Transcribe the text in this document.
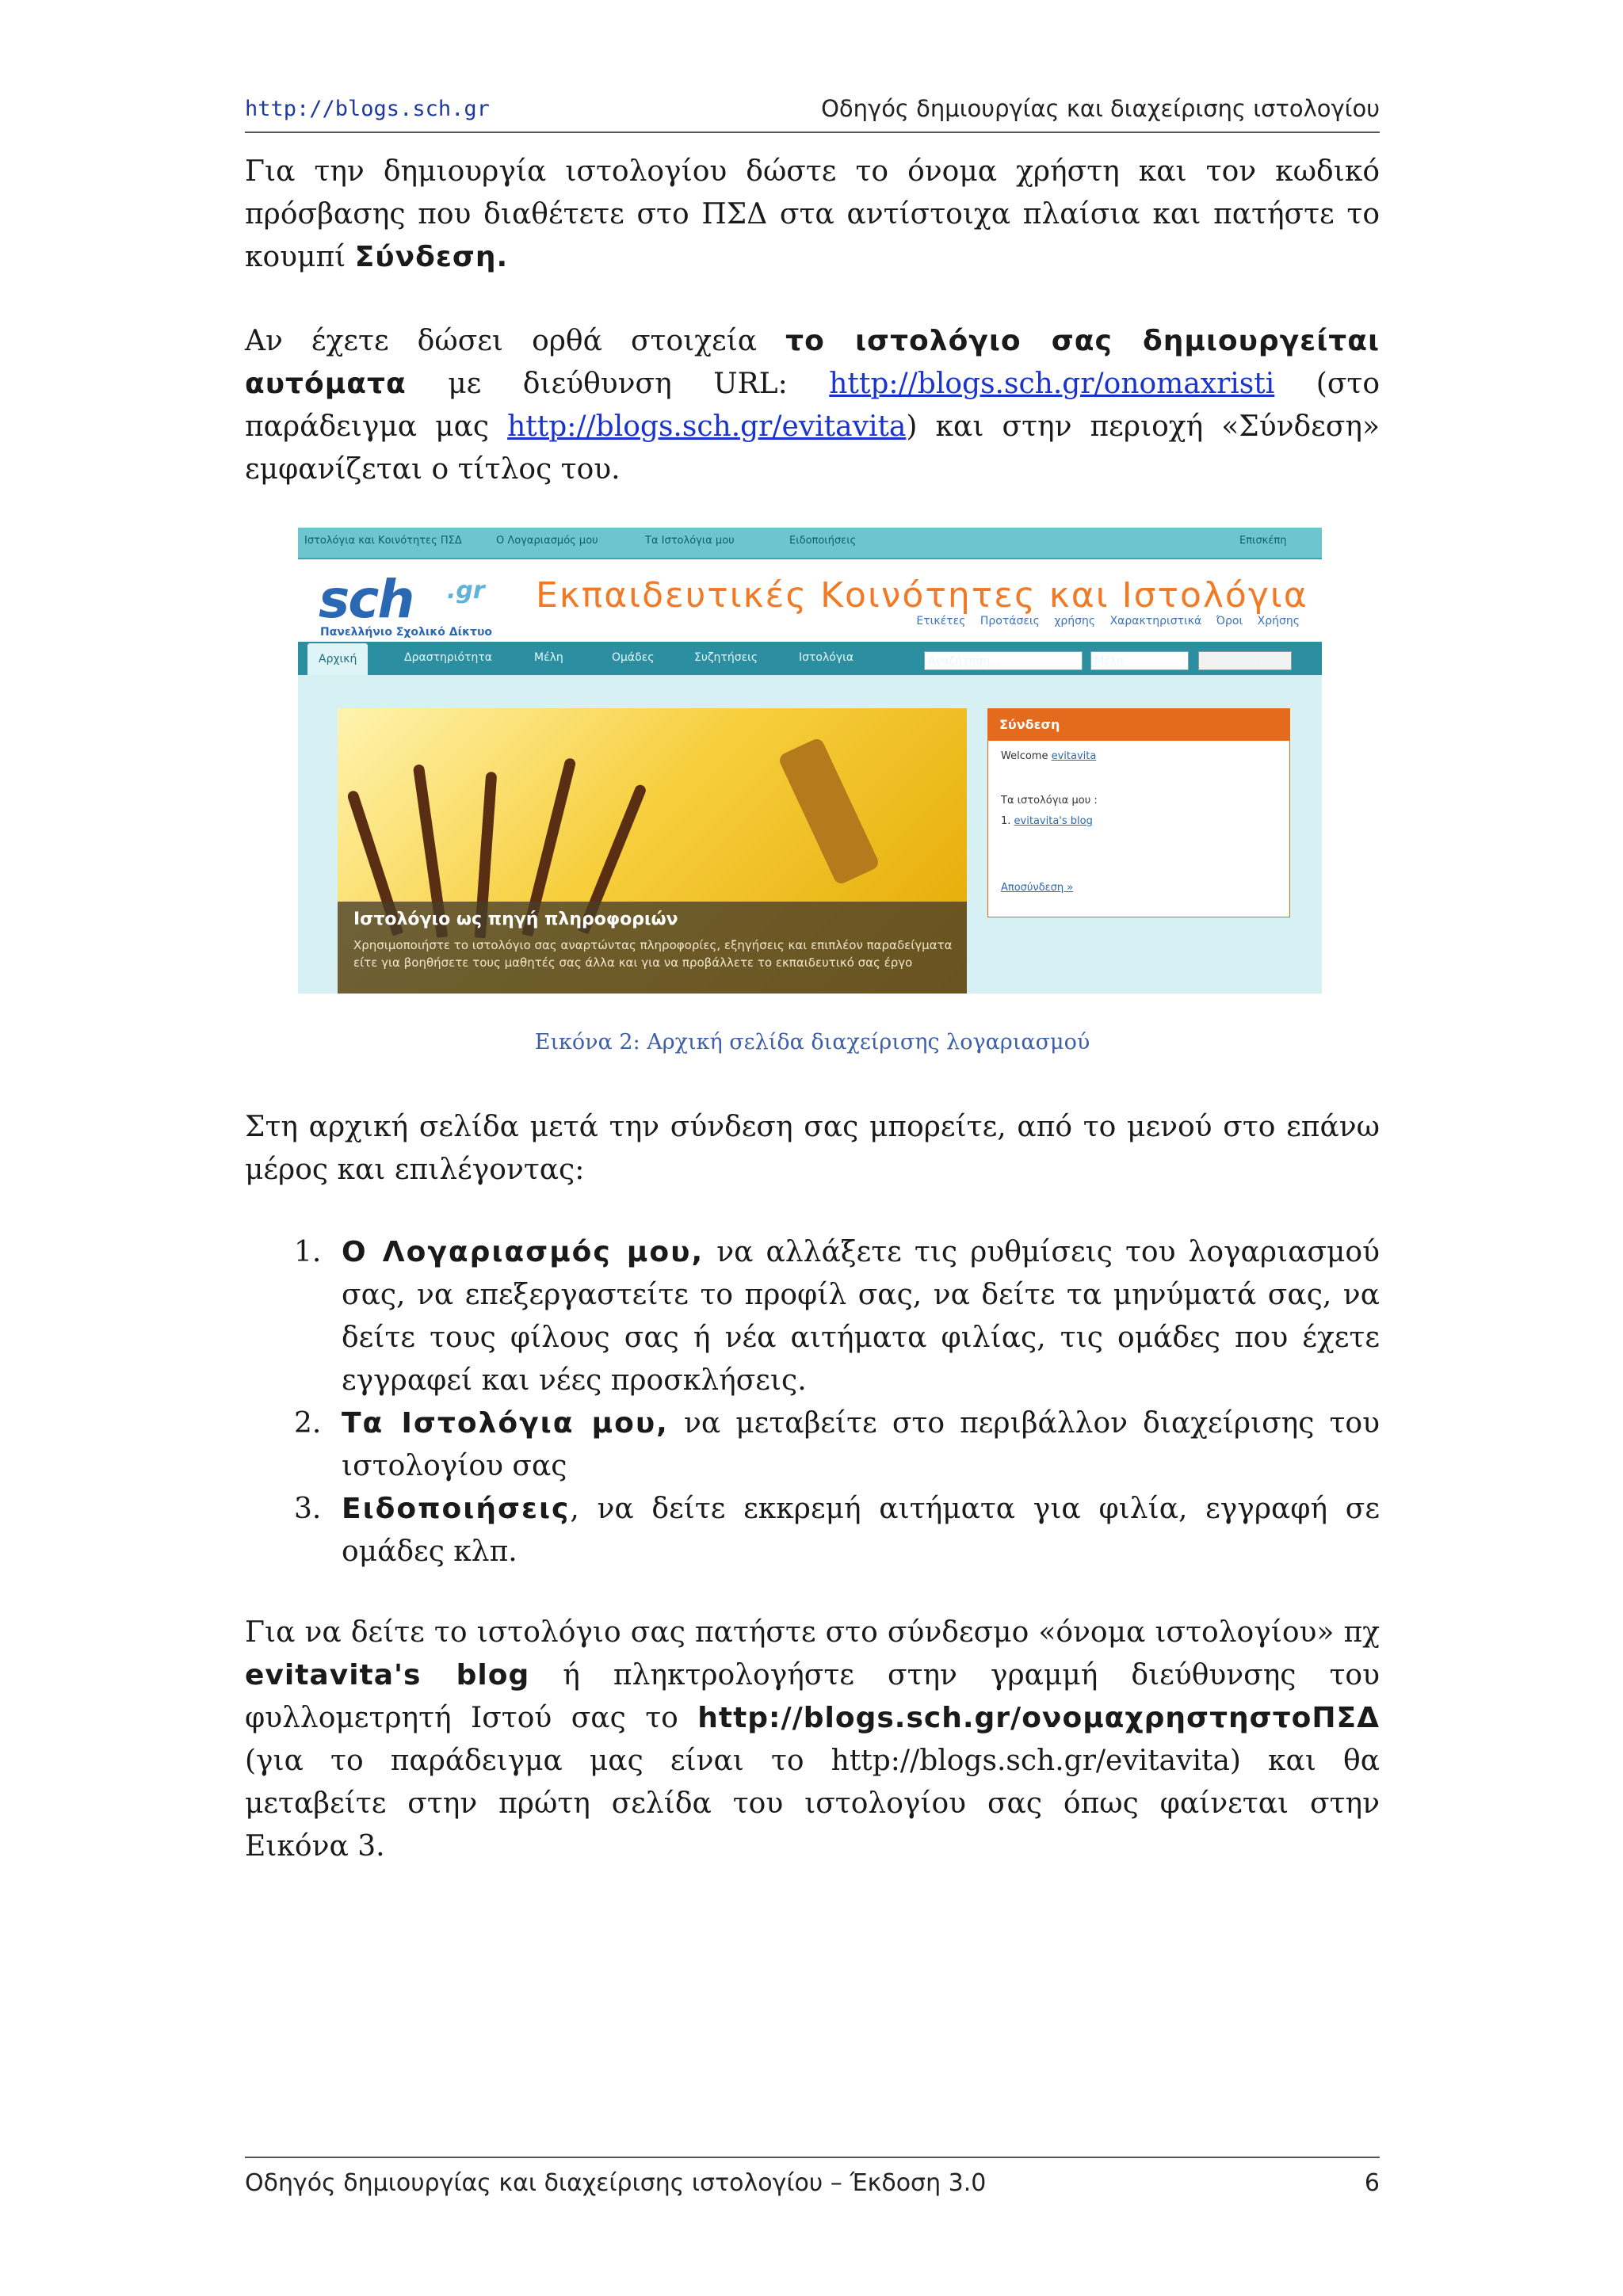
http://blogs.sch.gr	Οδηγός δημιουργίας και διαχείρισης ιστολογίου

Για την δημιουργία ιστολογίου δώστε το όνομα χρήστη και τον κωδικό πρόσβασης που διαθέτετε στο ΠΣΔ στα αντίστοιχα πλαίσια και πατήστε το κουμπί Σύνδεση.

Αν έχετε δώσει ορθά στοιχεία το ιστολόγιο σας δημιουργείται αυτόματα με διεύθυνση URL: http://blogs.sch.gr/onomaxristi (στο παράδειγμα μας http://blogs.sch.gr/evitavita) και στην περιοχή «Σύνδεση» εμφανίζεται ο τίτλος του.

Ιστολόγια και Κοινότητες ΠΣΔ	Ο Λογαριασμός μου	Τα Ιστολόγια μου	Ειδοποιήσεις	Επισκέπη
sch .gr
Πανελλήνιο Σχολικό Δίκτυο
Εκπαιδευτικές Κοινότητες και Ιστολόγια
Ετικέτες Προτάσεις χρήσης Χαρακτηριστικά Όροι Χρήσης
Αρχική	Δραστηριότητα	Μέλη	Ομάδες	Συζητήσεις	Ιστολόγια	Αναζήτηση...	Μέλη	Αναζήτηση
Ιστολόγιο ως πηγή πληροφοριών
Χρησιμοποιήστε το ιστολόγιο σας αναρτώντας πληροφορίες, εξηγήσεις και επιπλέον παραδείγματα είτε για βοηθήσετε τους μαθητές σας άλλα και για να προβάλλετε το εκπαιδευτικό σας έργο
Σύνδεση
Welcome evitavita
Τα ιστολόγια μου :
1. evitavita's blog
Αποσύνδεση »
Εικόνα 2: Αρχική σελίδα διαχείρισης λογαριασμού

Στη αρχική σελίδα μετά την σύνδεση σας μπορείτε, από το μενού στο επάνω μέρος και επιλέγοντας:

1. Ο Λογαριασμός μου, να αλλάξετε τις ρυθμίσεις του λογαριασμού σας, να επεξεργαστείτε το προφίλ σας, να δείτε τα μηνύματά σας, να δείτε τους φίλους σας ή νέα αιτήματα φιλίας, τις ομάδες που έχετε εγγραφεί και νέες προσκλήσεις.
2. Τα Ιστολόγια μου, να μεταβείτε στο περιβάλλον διαχείρισης του ιστολογίου σας
3. Ειδοποιήσεις, να δείτε εκκρεμή αιτήματα για φιλία, εγγραφή σε ομάδες κλπ.

Για να δείτε το ιστολόγιο σας πατήστε στο σύνδεσμο «όνομα ιστολογίου» πχ evitavita's blog ή πληκτρολογήστε στην γραμμή διεύθυνσης του φυλλομετρητή Ιστού σας το http://blogs.sch.gr/ονομαχρηστηστοΠΣΔ (για το παράδειγμα μας είναι το http://blogs.sch.gr/evitavita) και θα μεταβείτε στην πρώτη σελίδα του ιστολογίου σας όπως φαίνεται στην Εικόνα 3.

Οδηγός δημιουργίας και διαχείρισης ιστολογίου – Έκδοση 3.0	6
